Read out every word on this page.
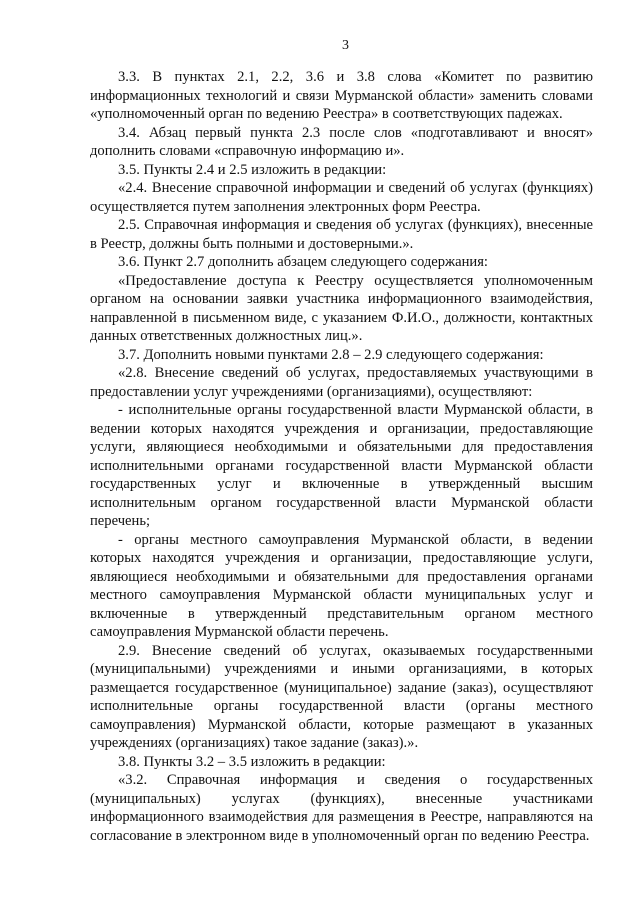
3

3.3. В пунктах 2.1, 2.2, 3.6 и 3.8 слова «Комитет по развитию информационных технологий и связи Мурманской области» заменить словами «уполномоченный орган по ведению Реестра» в соответствующих падежах.

3.4. Абзац первый пункта 2.3 после слов «подготавливают и вносят» дополнить словами «справочную информацию и».

3.5. Пункты 2.4 и 2.5 изложить в редакции:

«2.4. Внесение справочной информации и сведений об услугах (функциях) осуществляется путем заполнения электронных форм Реестра.

2.5. Справочная информация и сведения об услугах (функциях), внесенные в Реестр, должны быть полными и достоверными.».

3.6. Пункт 2.7 дополнить абзацем следующего содержания:

«Предоставление доступа к Реестру осуществляется уполномоченным органом на основании заявки участника информационного взаимодействия, направленной в письменном виде, с указанием Ф.И.О., должности, контактных данных ответственных должностных лиц.».

3.7. Дополнить новыми пунктами 2.8 – 2.9 следующего содержания:

«2.8. Внесение сведений об услугах, предоставляемых участвующими в предоставлении услуг учреждениями (организациями), осуществляют:

- исполнительные органы государственной власти Мурманской области, в ведении которых находятся учреждения и организации, предоставляющие услуги, являющиеся необходимыми и обязательными для предоставления исполнительными органами государственной власти Мурманской области государственных услуг и включенные в утвержденный высшим исполнительным органом государственной власти Мурманской области перечень;

- органы местного самоуправления Мурманской области, в ведении которых находятся учреждения и организации, предоставляющие услуги, являющиеся необходимыми и обязательными для предоставления органами местного самоуправления Мурманской области муниципальных услуг и включенные в утвержденный представительным органом местного самоуправления Мурманской области перечень.

2.9. Внесение сведений об услугах, оказываемых государственными (муниципальными) учреждениями и иными организациями, в которых размещается государственное (муниципальное) задание (заказ), осуществляют исполнительные органы государственной власти (органы местного самоуправления) Мурманской области, которые размещают в указанных учреждениях (организациях) такое задание (заказ).».

3.8. Пункты 3.2 – 3.5 изложить в редакции:

«3.2. Справочная информация и сведения о государственных (муниципальных) услугах (функциях), внесенные участниками информационного взаимодействия для размещения в Реестре, направляются на согласование в электронном виде в уполномоченный орган по ведению Реестра.
